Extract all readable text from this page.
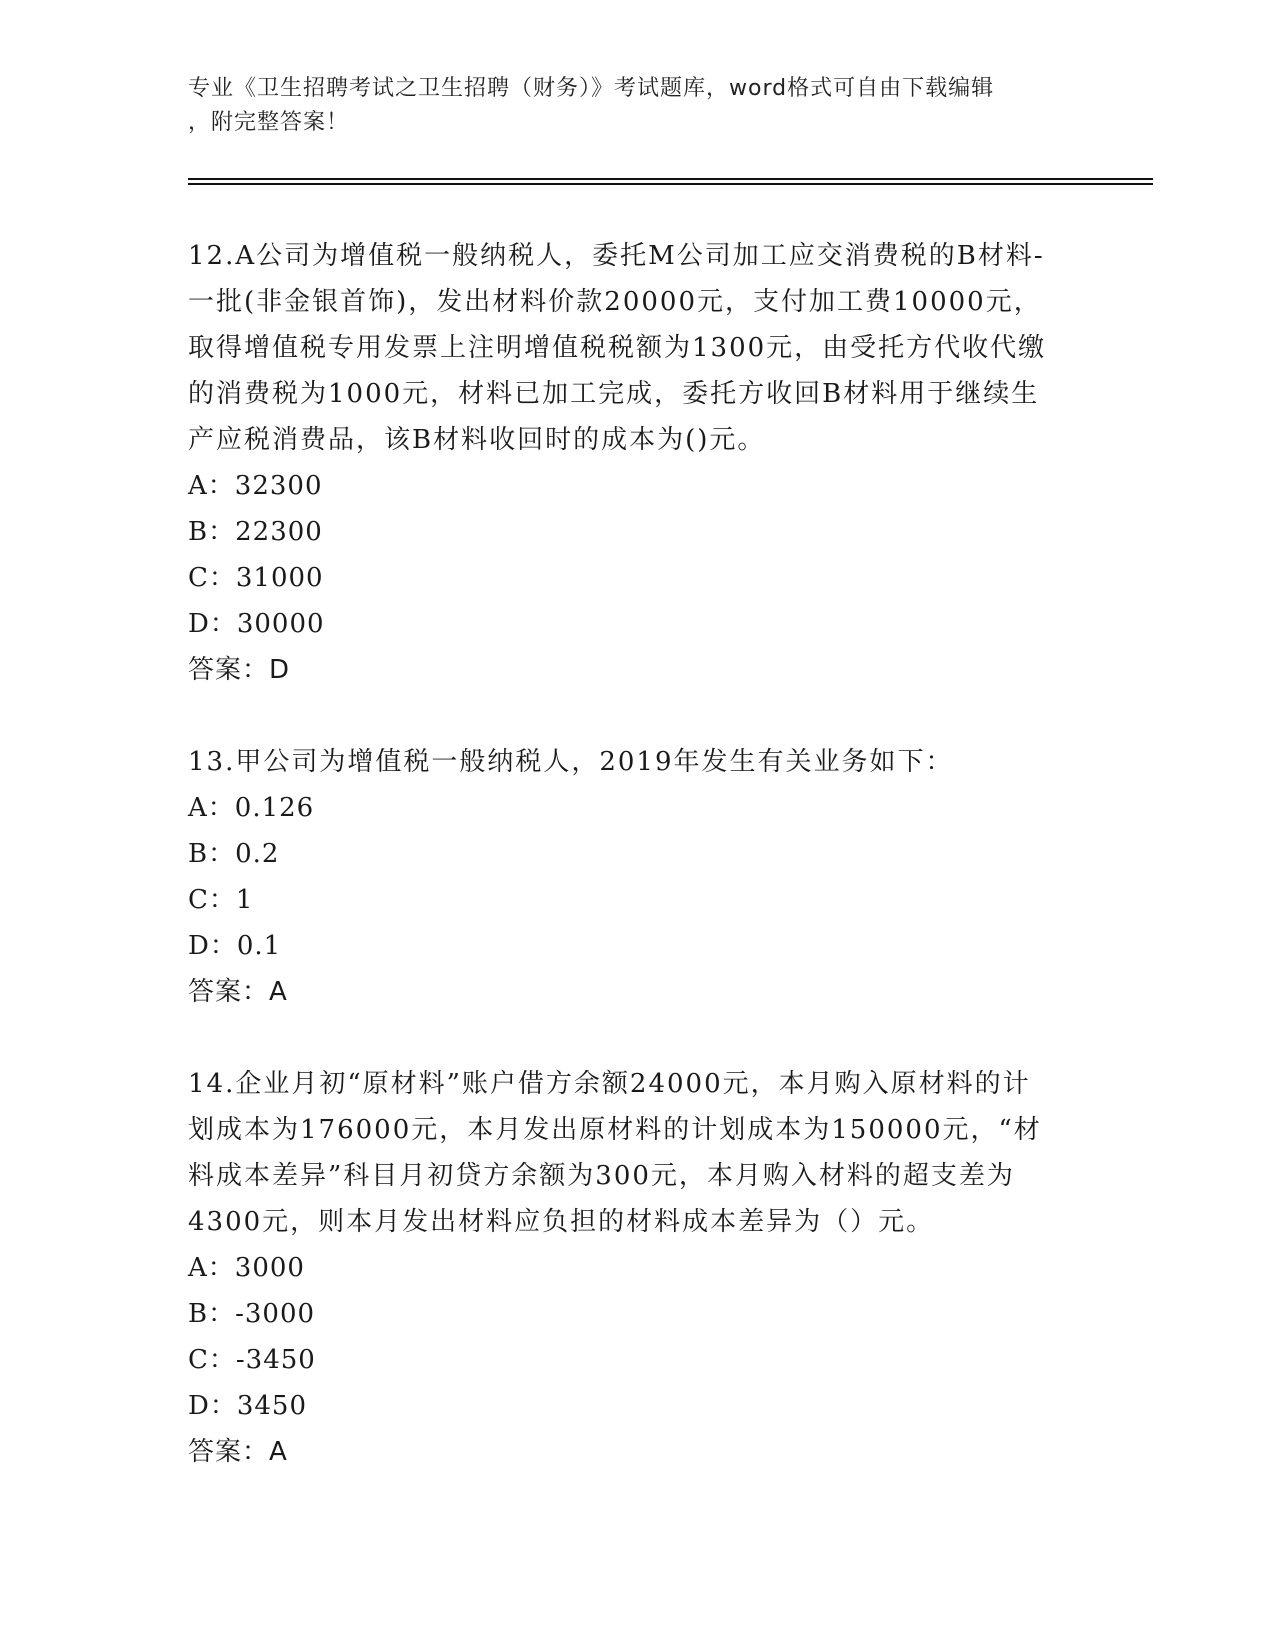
专业《卫生招聘考试之卫生招聘（财务）》考试题库，word格式可自由下载编辑
，附完整答案！

12.A公司为增值税一般纳税人，委托M公司加工应交消费税的B材料-
一批(非金银首饰)，发出材料价款20000元，支付加工费10000元，
取得增值税专用发票上注明增值税税额为1300元，由受托方代收代缴
的消费税为1000元，材料已加工完成，委托方收回B材料用于继续生
产应税消费品，该B材料收回时的成本为()元。

A：32300
B：22300
C：31000
D：30000
答案：D

13.甲公司为增值税一般纳税人，2019年发生有关业务如下：

A：0.126
B：0.2
C：1
D：0.1
答案：A

14.企业月初“原材料”账户借方余额24000元，本月购入原材料的计
划成本为176000元，本月发出原材料的计划成本为150000元，“材
料成本差异”科目月初贷方余额为300元，本月购入材料的超支差为
4300元，则本月发出材料应负担的材料成本差异为（）元。

A：3000
B：-3000
C：-3450
D：3450
答案：A
